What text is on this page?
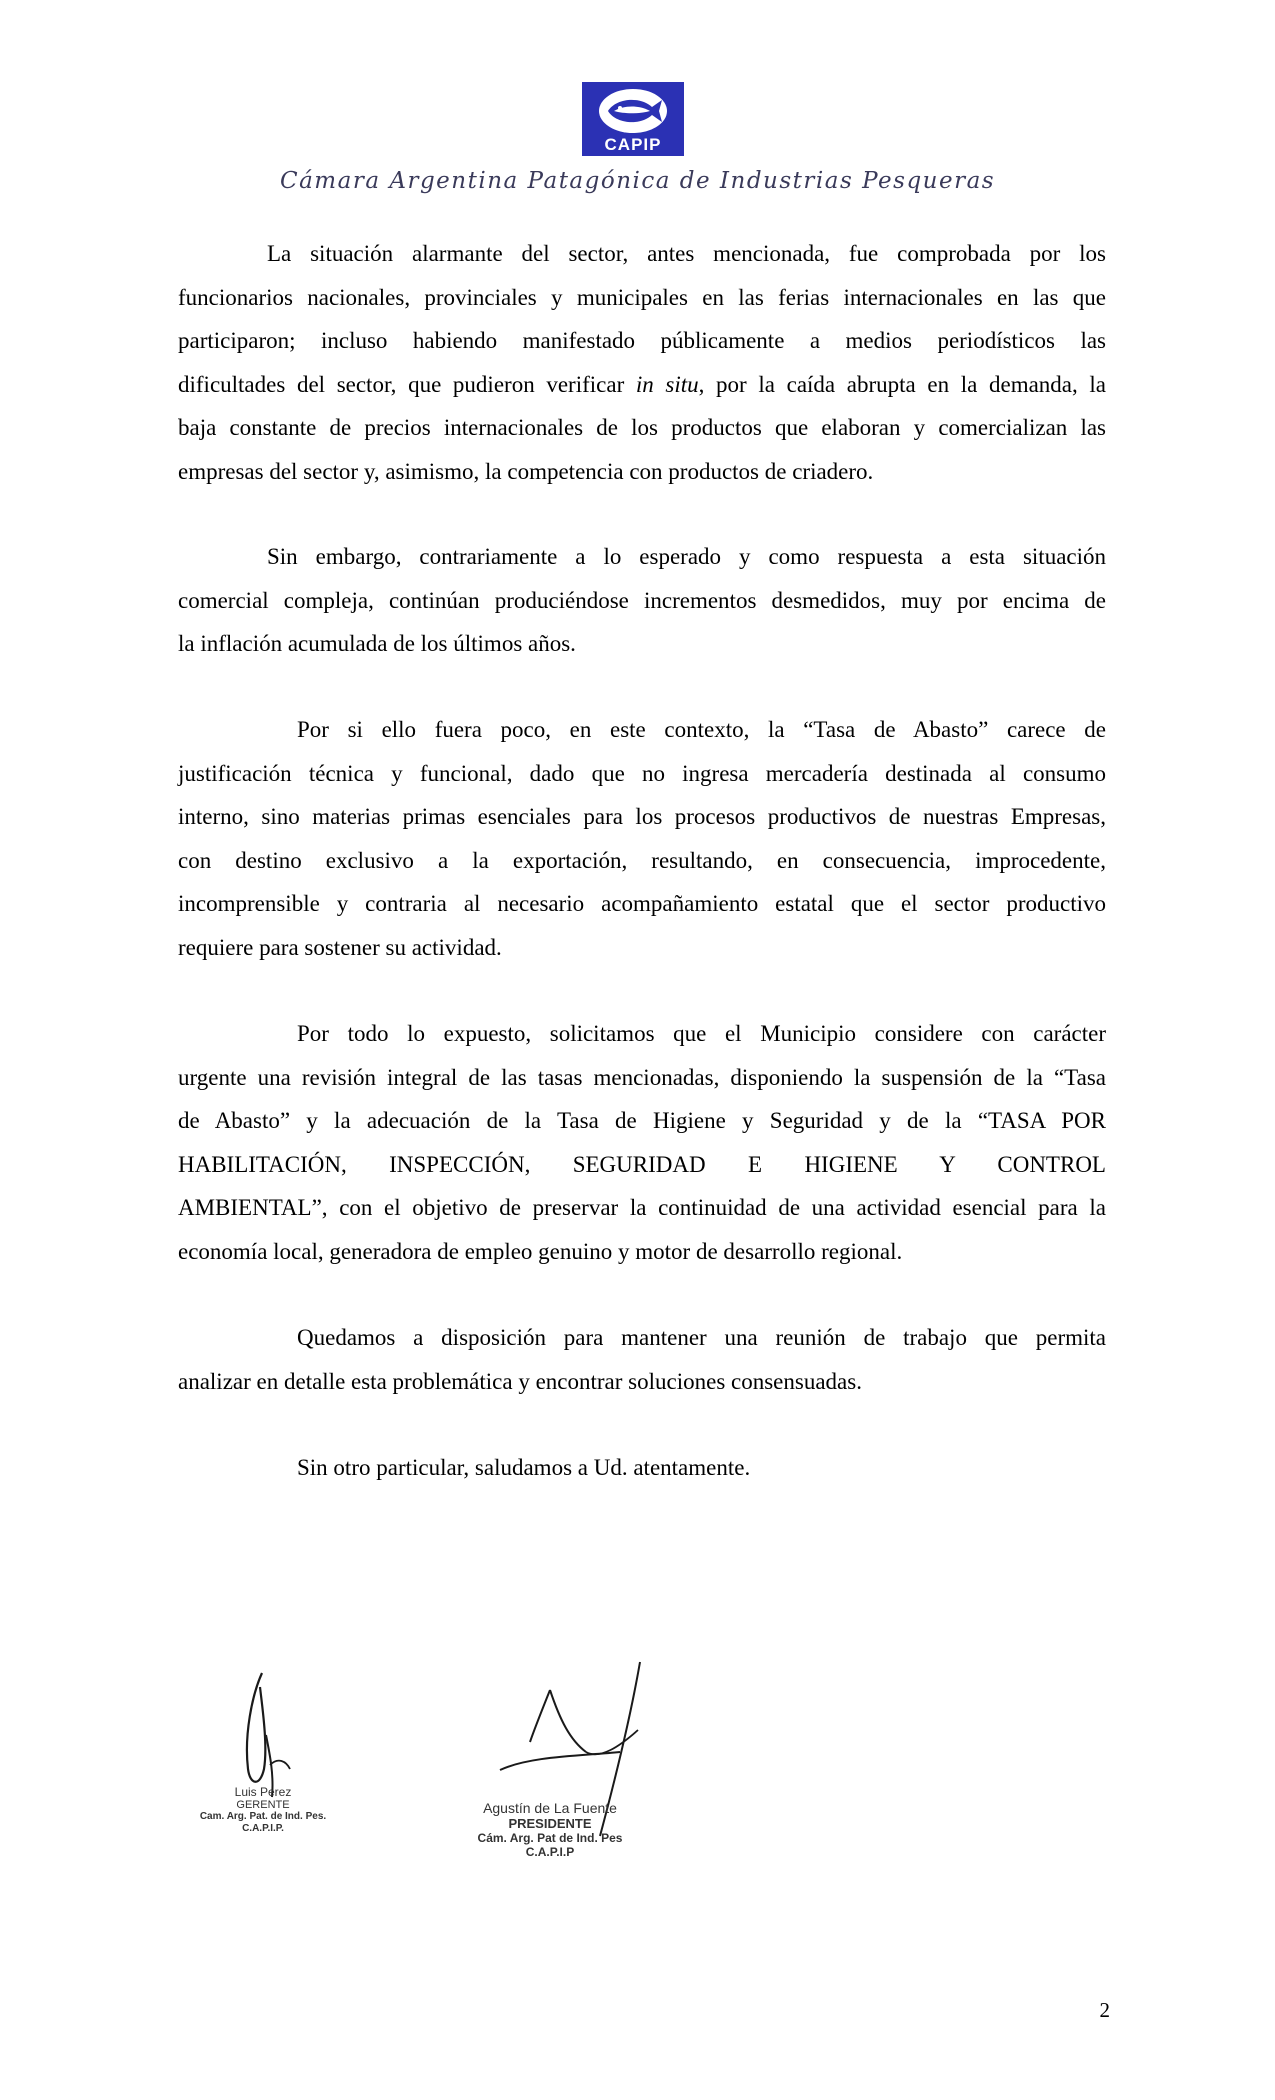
CAPIP
Cámara Argentina Patagónica de Industrias Pesqueras
La situación alarmante del sector, antes mencionada, fue comprobada por los
funcionarios nacionales, provinciales y municipales en las ferias internacionales en las que
participaron; incluso habiendo manifestado públicamente a medios periodísticos las
dificultades del sector, que pudieron verificar in situ, por la caída abrupta en la demanda, la
baja constante de precios internacionales de los productos que elaboran y comercializan las
empresas del sector y, asimismo, la competencia con productos de criadero.
Sin embargo, contrariamente a lo esperado y como respuesta a esta situación
comercial compleja, continúan produciéndose incrementos desmedidos, muy por encima de
la inflación acumulada de los últimos años.
Por si ello fuera poco, en este contexto, la “Tasa de Abasto” carece de
justificación técnica y funcional, dado que no ingresa mercadería destinada al consumo
interno, sino materias primas esenciales para los procesos productivos de nuestras Empresas,
con destino exclusivo a la exportación, resultando, en consecuencia, improcedente,
incomprensible y contraria al necesario acompañamiento estatal que el sector productivo
requiere para sostener su actividad.
Por todo lo expuesto, solicitamos que el Municipio considere con carácter
urgente una revisión integral de las tasas mencionadas, disponiendo la suspensión de la “Tasa
de Abasto” y la adecuación de la Tasa de Higiene y Seguridad y de la “TASA POR
HABILITACIÓN, INSPECCIÓN, SEGURIDAD E HIGIENE Y CONTROL
AMBIENTAL”, con el objetivo de preservar la continuidad de una actividad esencial para la
economía local, generadora de empleo genuino y motor de desarrollo regional.
Quedamos a disposición para mantener una reunión de trabajo que permita
analizar en detalle esta problemática y encontrar soluciones consensuadas.
Sin otro particular, saludamos a Ud. atentamente.
Luis Perez
GERENTE
Cam. Arg. Pat. de Ind. Pes.
C.A.P.I.P.
Agustín de La Fuente
PRESIDENTE
Cám. Arg. Pat de Ind. Pes
C.A.P.I.P
2
